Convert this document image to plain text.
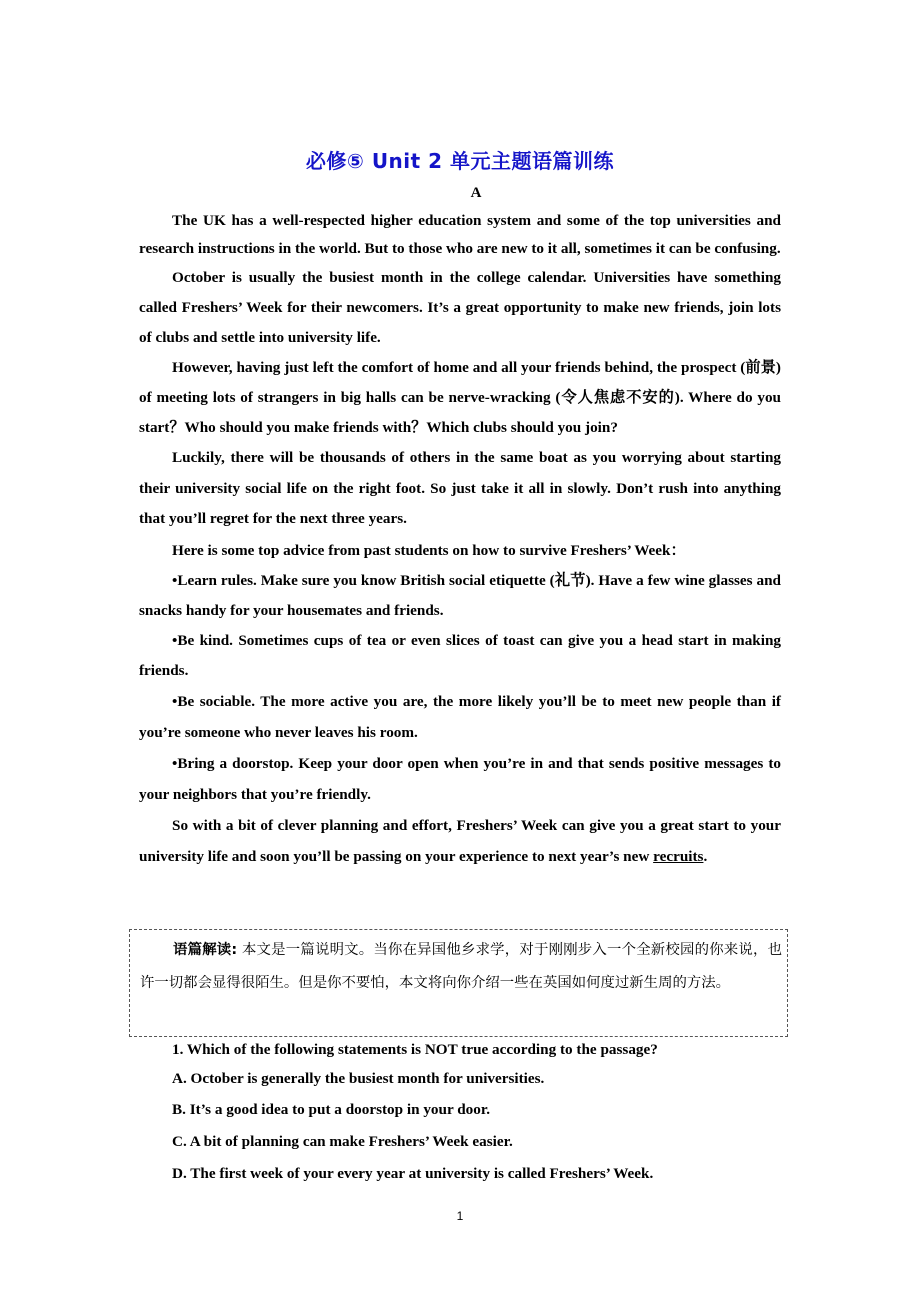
必修⑤ Unit 2 单元主题语篇训练
A

The UK has a well-respected higher education system and some of the top universities and research instructions in the world. But to those who are new to it all, sometimes it can be confusing.

October is usually the busiest month in the college calendar. Universities have something called Freshers’ Week for their newcomers. It’s a great opportunity to make new friends, join lots of clubs and settle into university life.

However, having just left the comfort of home and all your friends behind, the prospect (前景) of meeting lots of strangers in big halls can be nerve-wracking (令人焦虑不安的). Where do you start？Who should you make friends with？Which clubs should you join?

Luckily, there will be thousands of others in the same boat as you worrying about starting their university social life on the right foot. So just take it all in slowly. Don’t rush into anything that you’ll regret for the next three years.

Here is some top advice from past students on how to survive Freshers’ Week：

•Learn rules. Make sure you know British social etiquette (礼节). Have a few wine glasses and snacks handy for your housemates and friends.

•Be kind. Sometimes cups of tea or even slices of toast can give you a head start in making friends.

•Be sociable. The more active you are, the more likely you’ll be to meet new people than if you’re someone who never leaves his room.

•Bring a doorstop. Keep your door open when you’re in and that sends positive messages to your neighbors that you’re friendly.

So with a bit of clever planning and effort, Freshers’ Week can give you a great start to your university life and soon you’ll be passing on your experience to next year’s new recruits.

语篇解读: 本文是一篇说明文。当你在异国他乡求学，对于刚刚步入一个全新校园的你来说，也许一切都会显得很陌生。但是你不要怕，本文将向你介绍一些在英国如何度过新生周的方法。

1. Which of the following statements is NOT true according to the passage?
A. October is generally the busiest month for universities.
B. It’s a good idea to put a doorstop in your door.
C. A bit of planning can make Freshers’ Week easier.
D. The first week of your every year at university is called Freshers’ Week.
1
